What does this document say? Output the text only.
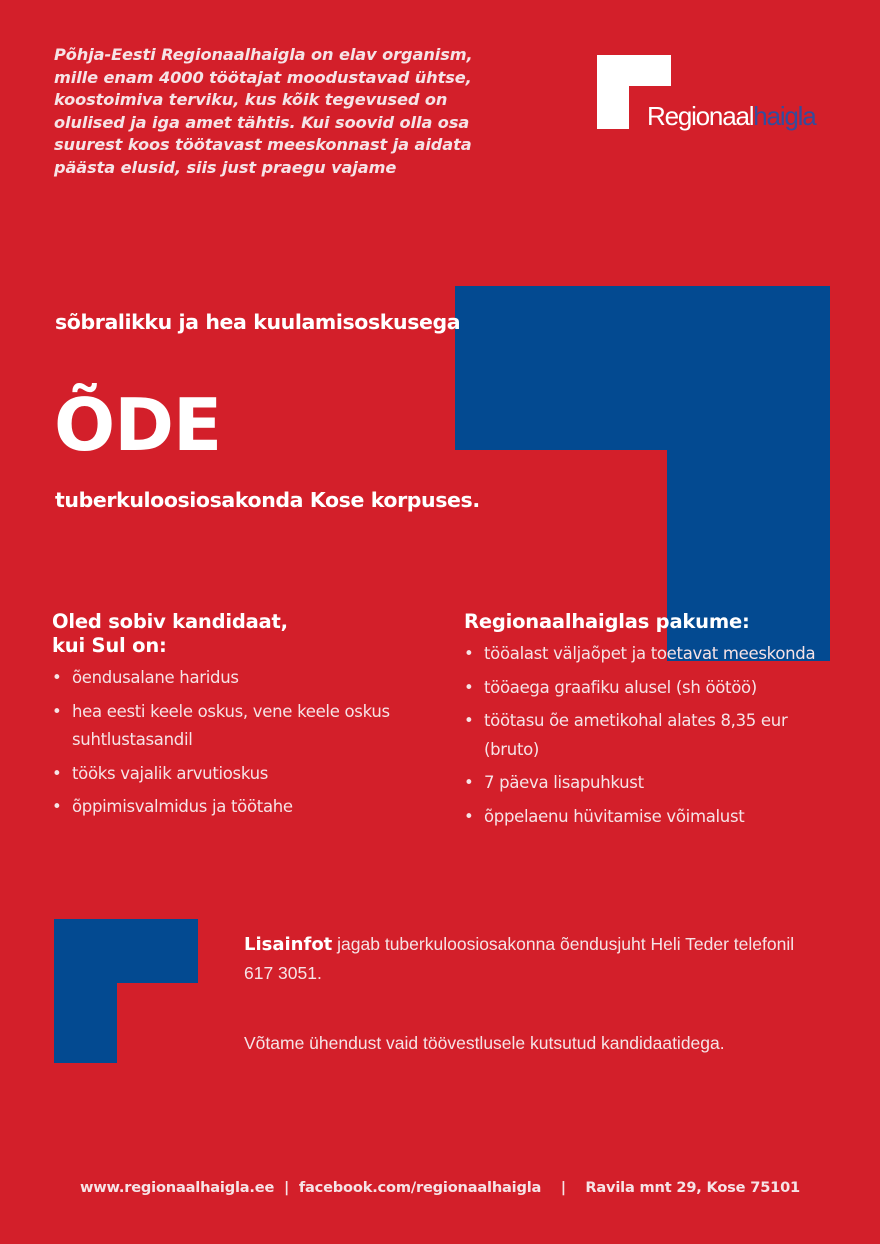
Põhja-Eesti Regionaalhaigla on elav organism, mille enam 4000 töötajat moodustavad ühtse, koostoimiva terviku, kus kõik tegevused on olulised ja iga amet tähtis. Kui soovid olla osa suurest koos töötavast meeskonnast ja aidata päästa elusid, siis just praegu vajame
Regionaalhaigla
sõbralikku ja hea kuulamisoskusega
ÕDE
tuberkuloosiosakonda Kose korpuses.
Oled sobiv kandidaat,
kui Sul on:
• õendusalane haridus
• hea eesti keele oskus, vene keele oskus suhtlustasandil
• tööks vajalik arvutioskus
• õppimisvalmidus ja töötahe
Regionaalhaiglas pakume:
• tööalast väljaõpet ja toetavat meeskonda
• tööaega graafiku alusel (sh öötöö)
• töötasu õe ametikohal alates 8,35 eur (bruto)
• 7 päeva lisapuhkust
• õppelaenu hüvitamise võimalust
Lisainfot jagab tuberkuloosiosakonna õendusjuht Heli Teder telefonil 617 3051.
Võtame ühendust vaid töövestlusele kutsutud kandidaatidega.
www.regionaalhaigla.ee | facebook.com/regionaalhaigla | Ravila mnt 29, Kose 75101
